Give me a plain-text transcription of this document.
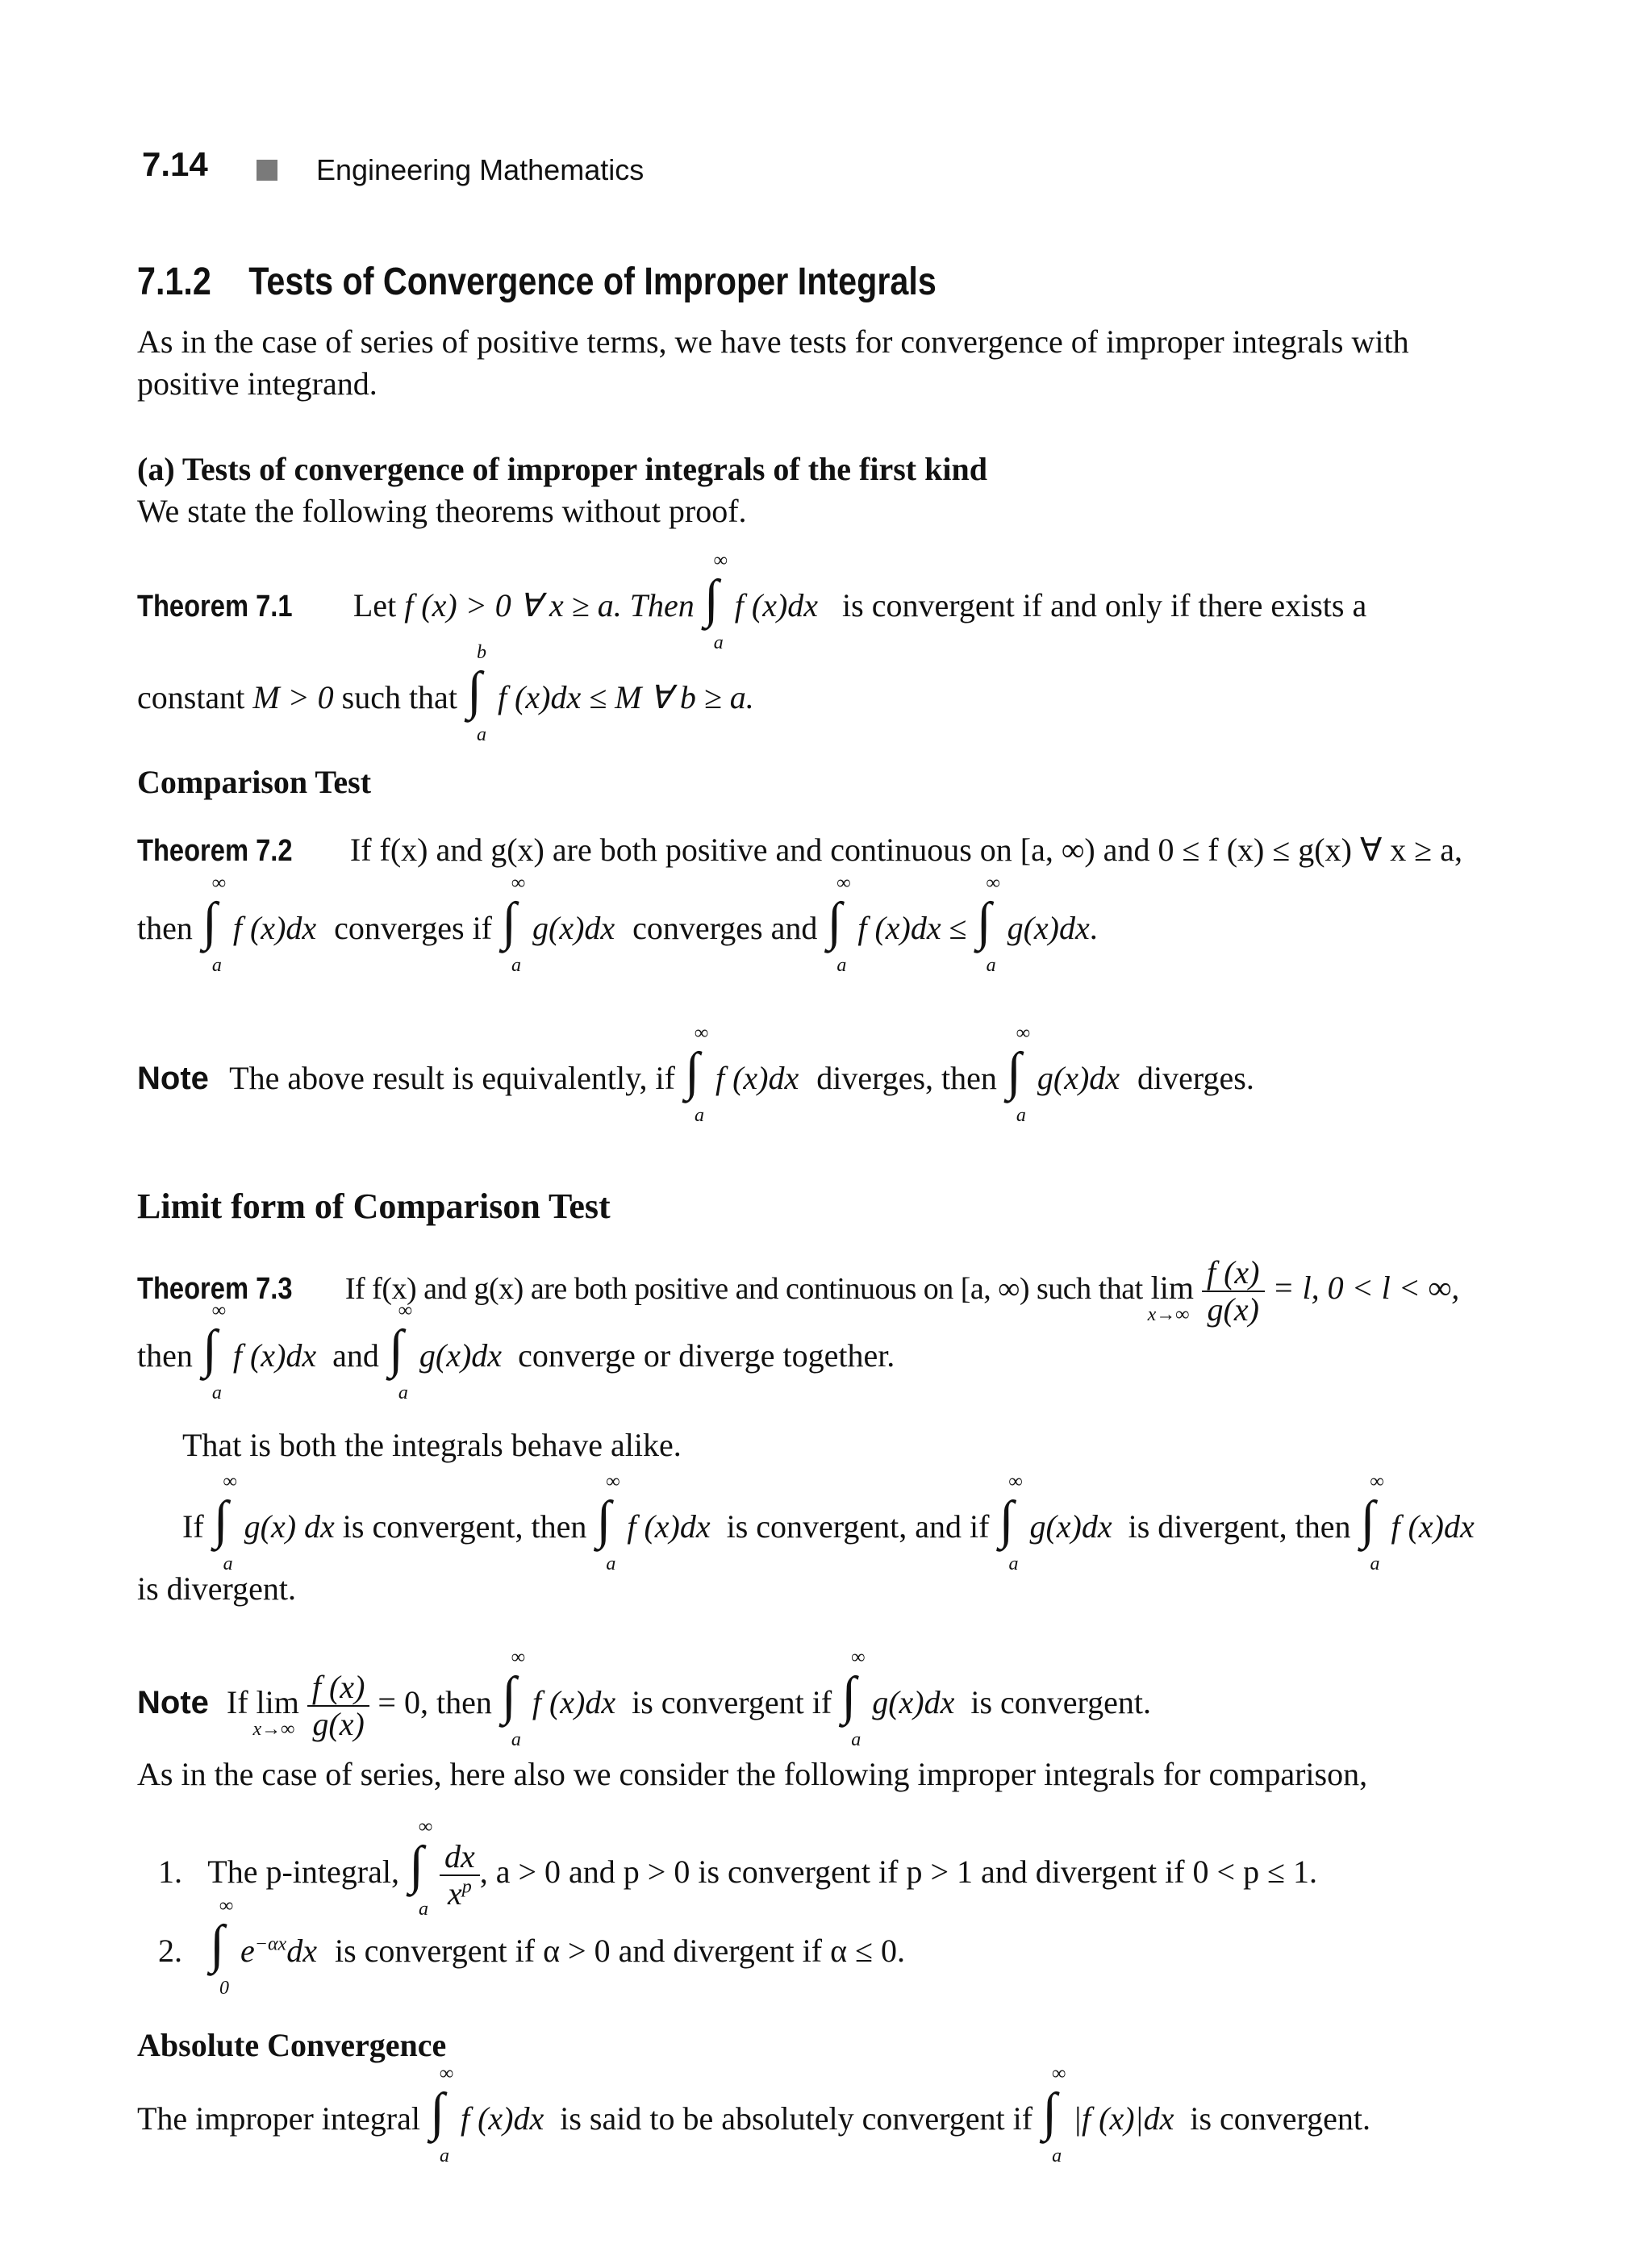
7.14	Engineering Mathematics
7.1.2 Tests of Convergence of Improper Integrals
As in the case of series of positive terms, we have tests for convergence of improper integrals with positive integrand.
(a) Tests of convergence of improper integrals of the first kind
We state the following theorems without proof.
Theorem 7.1 Let f (x) > 0 ∀ x ≥ a. Then ∫
∞
a
f (x)dx is convergent if and only if there exists a
constant M > 0 such that ∫
b
a
f (x)dx ≤ M ∀ b ≥ a.
Comparison Test
Theorem 7.2 If f(x) and g(x) are both positive and continuous on [a, ∞) and 0 ≤ f (x) ≤ g(x) ∀ x ≥ a,
then ∫
∞
a
f (x)dx converges if ∫
∞
a
g(x)dx converges and ∫
∞
a
f (x)dx ≤ ∫
∞
a
g(x)dx.
Note The above result is equivalently, if ∫
∞
a
f (x)dx diverges, then ∫
∞
a
g(x)dx diverges.
Limit form of Comparison Test
Theorem 7.3 If f(x) and g(x) are both positive and continuous on [a, ∞) such that lim
x→∞
$\frac{f (x)}{g(x)} = l$, 0 < l < ∞,
then ∫
∞
a
f (x)dx and ∫
∞
a
g(x)dx converge or diverge together.
That is both the integrals behave alike.
If ∫
∞
a
g(x) dx is convergent, then ∫
∞
a
f (x)dx is convergent, and if ∫
∞
a
g(x)dx is divergent, then ∫
∞
a
f (x)dx
is divergent.
Note If lim
x→∞
$\frac{f (x)}{g(x)} = 0$, then ∫
∞
a
f (x)dx is convergent if ∫
∞
a
g(x)dx is convergent.
As in the case of series, here also we consider the following improper integrals for comparison,
1. The p-integral, ∫
∞
a
$\frac{dx}{x^p}$ , a > 0 and p > 0 is convergent if p > 1 and divergent if 0 < p ≤ 1.
2. ∫
∞
0
$e^{-\alpha x}dx$ is convergent if α > 0 and divergent if α ≤ 0.
Absolute Convergence
The improper integral ∫
∞
a
f (x)dx is said to be absolutely convergent if ∫
∞
a
|f (x)|dx is convergent.
